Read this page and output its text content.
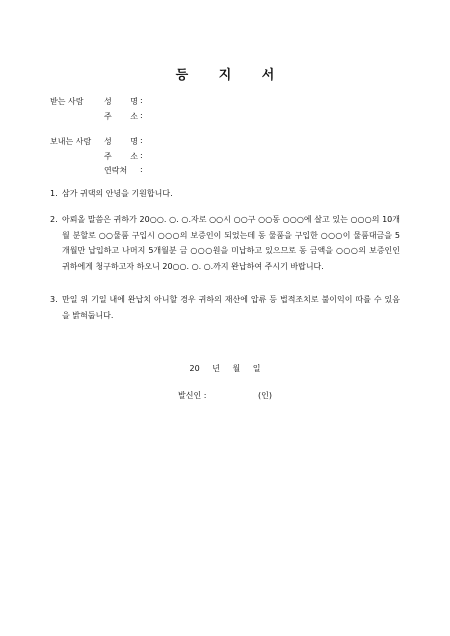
등 지 서
받는 사람	성 명 :
주 소 :
보내는 사람 성 명 :
주 소 :
연락처	:
1. 삼가 귀댁의 안녕을 기원합니다.
2. 아뢰올 말씀은 귀하가 20○○. ○. ○.자로 ○○시 ○○구 ○○동 ○○○에 살고 있는 ○○○의 10개월 분할로 ○○물품 구입시 ○○○의 보증인이 되었는데 동 물품을 구입한 ○○○이 물품대금을 5개월만 납입하고 나머지 5개월분 금 ○○○원을 미납하고 있으므로 동 금액을 ○○○의 보증인인 귀하에게 청구하고자 하오니 20○○. ○. ○.까지 완납하여 주시기 바랍니다.
3. 만일 위 기일 내에 완납치 아니할 경우 귀하의 재산에 압류 등 법적조치로 불이익이 따를 수 있음을 밝혀둡니다.
20 년 월 일
발신인 :	(인)
